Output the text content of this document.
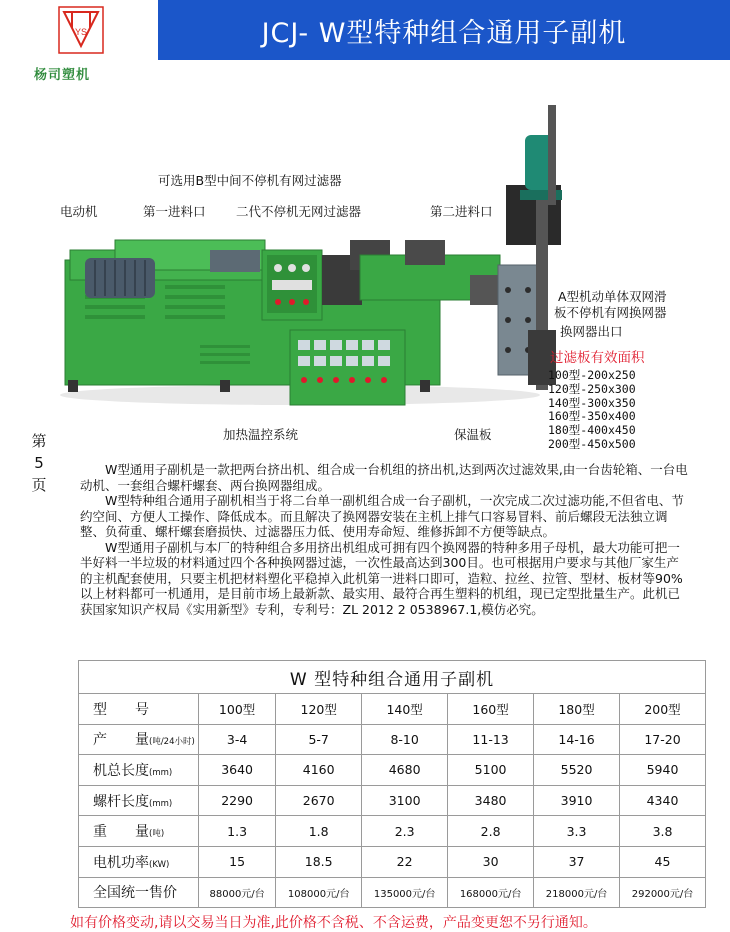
YS
杨司塑机
JCJ- W型特种组合通用子副机
第
5
页
可选用B型中间不停机有网过滤器
电动机	第一进料口 二代不停机无网过滤器	第二进料口
A型机动单体双网滑
板不停机有网换网器
换网器出口
过滤板有效面积
加热温控系统	保温板
100型-200x250
120型-250x300
140型-300x350
160型-350x400
180型-400x450
200型-450x500

W型通用子副机是一款把两台挤出机、组合成一台机组的挤出机,达到两次过滤效果,由一台齿轮箱、一台电动机、一套组合螺杆螺套、两台换网器组成。

W型特种组合通用子副机相当于将二台单一副机组合成一台子副机，一次完成二次过滤功能,不但省电、节约空间、方便人工操作、降低成本。而且解决了换网器安装在主机上排气口容易冒料、前后螺段无法独立调整、负荷重、螺杆螺套磨损快、过滤器压力低、使用寿命短、维修拆卸不方便等缺点。

W型通用子副机与本厂的特种组合多用挤出机组成可拥有四个换网器的特种多用子母机，最大功能可把一半好料一半垃圾的材料通过四个各种换网器过滤，一次性最高达到300目。也可根据用户要求与其他厂家生产的主机配套使用，只要主机把材料塑化平稳掉入此机第一进料口即可，造粒、拉丝、拉管、型材、板材等90%以上材料都可一机通用，是目前市场上最新款、最实用、最符合再生塑料的机组，现已定型批量生产。此机已获国家知识产权局《实用新型》专利，专利号：ZL 2012 2 0538967.1,模仿必究。

W 型特种组合通用子副机						
型　　号	100型	120型	140型	160型	180型	200型
产　　量(吨/24小时)	3-4	5-7	8-10	11-13	14-16	17-20
机总长度(mm)	3640	4160	4680	5100	5520	5940
螺杆长度(mm)	2290	2670	3100	3480	3910	4340
重　　量(吨)	1.3	1.8	2.3	2.8	3.3	3.8
电机功率(KW)	15	18.5	22	30	37	45
全国统一售价	88000元/台	108000元/台	135000元/台	168000元/台	218000元/台	292000元/台
如有价格变动,请以交易当日为准,此价格不含税、不含运费，产品变更恕不另行通知。
